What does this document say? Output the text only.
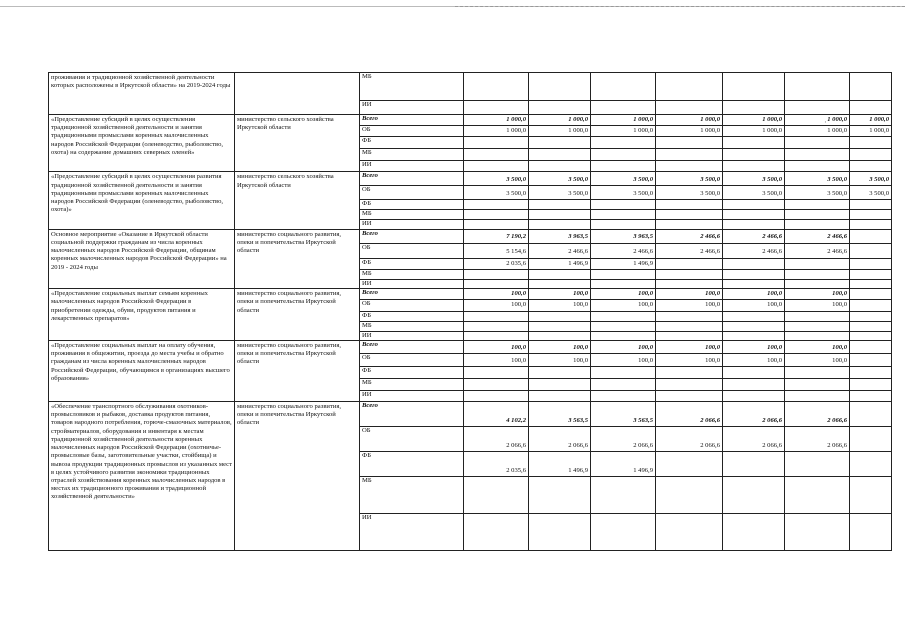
проживания и традиционной хозяйственной деятельности которых расположены в Иркутской области» на 2019-2024 годы		МБ							
		ИИ							
«Предоставление субсидий в целях осуществления традиционной хозяйственной деятельности и занятия традиционными промыслами коренных малочисленных народов Российской Федерации (оленеводство, рыболовство, охота) на содержание домашних северных оленей»	министерство сельского хозяйства Иркутской области	Всего	1 000,0	1 000,0	1 000,0	1 000,0	1 000,0	1 000,0	1 000,0
		ОБ	1 000,0	1 000,0	1 000,0	1 000,0	1 000,0	1 000,0	1 000,0
		ФБ							
		МБ							
		ИИ							
«Предоставление субсидий в целях осуществления развития традиционной хозяйственной деятельности и занятия традиционными промыслами коренных малочисленных народов Российской Федерации (оленеводство, рыболовство, охота)»	министерство сельского хозяйства Иркутской области	Всего	3 500,0	3 500,0	3 500,0	3 500,0	3 500,0	3 500,0	3 500,0
		ОБ	3 500,0	3 500,0	3 500,0	3 500,0	3 500,0	3 500,0	3 500,0
		ФБ							
		МБ							
		ИИ							
Основное мероприятие «Оказание в Иркутской области социальной поддержки гражданам из числа коренных малочисленных народов Российской Федерации, общинам коренных малочисленных народов Российской Федерации» на 2019 - 2024 годы	министерство социального развития, опеки и попечительства Иркутской области	Всего	7 190,2	3 963,5	3 963,5	2 466,6	2 466,6	2 466,6	
		ОБ	5 154,6	2 466,6	2 466,6	2 466,6	2 466,6	2 466,6	
		ФБ	2 035,6	1 496,9	1 496,9				
		МБ							
		ИИ							
«Предоставление социальных выплат семьям коренных малочисленных народов Российской Федерации в приобретении одежды, обуви, продуктов питания и лекарственных препаратов»	министерство социального развития, опеки и попечительства Иркутской области	Всего	100,0	100,0	100,0	100,0	100,0	100,0	
		ОБ	100,0	100,0	100,0	100,0	100,0	100,0	
		ФБ							
		МБ							
		ИИ							
«Предоставление социальных выплат на оплату обучения, проживания в общежитии, проезда до места учебы и обратно гражданам из числа коренных малочисленных народов Российской Федерации, обучающимся в организациях высшего образования»	министерство социального развития, опеки и попечительства Иркутской области	Всего	100,0	100,0	100,0	100,0	100,0	100,0	
		ОБ	100,0	100,0	100,0	100,0	100,0	100,0	
		ФБ							
		МБ							
		ИИ							
«Обеспечение транспортного обслуживания охотников-промысловиков и рыбаков, доставка продуктов питания, товаров народного потребления, горюче-смазочных материалов, стройматериалов, оборудования и инвентаря к местам традиционной хозяйственной деятельности коренных малочисленных народов Российской Федерации (охотничье-промысловые базы, заготовительные участки, стойбища) и вывоза продукции традиционных промыслов из указанных мест в целях устойчивого развития экономики традиционных отраслей хозяйствования коренных малочисленных народов в местах их традиционного проживания и традиционной хозяйственной деятельности»	министерство социального развития, опеки и попечительства Иркутской области	Всего	4 102,2	3 563,5	3 563,5	2 066,6	2 066,6	2 066,6	
		ОБ	2 066,6	2 066,6	2 066,6	2 066,6	2 066,6	2 066,6	
		ФБ	2 035,6	1 496,9	1 496,9				
		МБ							
		ИИ							
·
